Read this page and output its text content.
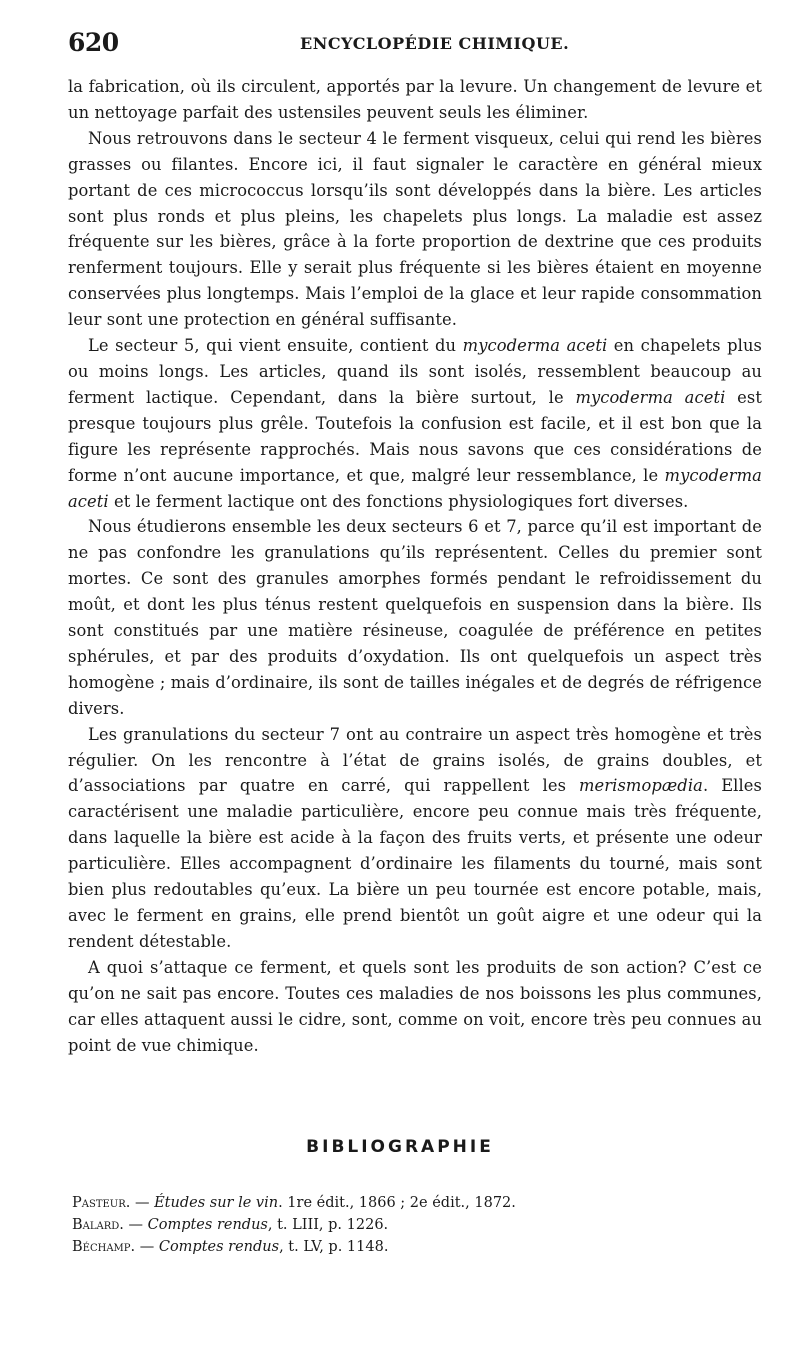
620	ENCYCLOPÉDIE CHIMIQUE.

la fabrication, où ils circulent, apportés par la levure. Un changement de levure et un nettoyage parfait des ustensiles peuvent seuls les éliminer.

Nous retrouvons dans le secteur 4 le ferment visqueux, celui qui rend les bières grasses ou filantes. Encore ici, il faut signaler le caractère en général mieux portant de ces micrococcus lorsqu’ils sont développés dans la bière. Les articles sont plus ronds et plus pleins, les chapelets plus longs. La maladie est assez fréquente sur les bières, grâce à la forte proportion de dextrine que ces produits renferment toujours. Elle y serait plus fréquente si les bières étaient en moyenne conservées plus longtemps. Mais l’emploi de la glace et leur rapide consommation leur sont une protection en général suffisante.

Le secteur 5, qui vient ensuite, contient du mycoderma aceti en chapelets plus ou moins longs. Les articles, quand ils sont isolés, ressemblent beaucoup au ferment lactique. Cependant, dans la bière surtout, le mycoderma aceti est presque toujours plus grêle. Toutefois la confusion est facile, et il est bon que la figure les représente rapprochés. Mais nous savons que ces considérations de forme n’ont aucune importance, et que, malgré leur ressemblance, le mycoderma aceti et le ferment lactique ont des fonctions physiologiques fort diverses.

Nous étudierons ensemble les deux secteurs 6 et 7, parce qu’il est important de ne pas confondre les granulations qu’ils représentent. Celles du premier sont mortes. Ce sont des granules amorphes formés pendant le refroidissement du moût, et dont les plus ténus restent quelquefois en suspension dans la bière. Ils sont constitués par une matière résineuse, coagulée de préférence en petites sphérules, et par des produits d’oxydation. Ils ont quelquefois un aspect très homogène ; mais d’ordinaire, ils sont de tailles inégales et de degrés de réfrigence divers.

Les granulations du secteur 7 ont au contraire un aspect très homogène et très régulier. On les rencontre à l’état de grains isolés, de grains doubles, et d’associations par quatre en carré, qui rappellent les merismopædia. Elles caractérisent une maladie particulière, encore peu connue mais très fréquente, dans laquelle la bière est acide à la façon des fruits verts, et présente une odeur particulière. Elles accompagnent d’ordinaire les filaments du tourné, mais sont bien plus redoutables qu’eux. La bière un peu tournée est encore potable, mais, avec le ferment en grains, elle prend bientôt un goût aigre et une odeur qui la rendent détestable.

A quoi s’attaque ce ferment, et quels sont les produits de son action? C’est ce qu’on ne sait pas encore. Toutes ces maladies de nos boissons les plus communes, car elles attaquent aussi le cidre, sont, comme on voit, encore très peu connues au point de vue chimique.

BIBLIOGRAPHIE
Pasteur. — Études sur le vin. 1re édit., 1866 ; 2e édit., 1872.
Balard. — Comptes rendus, t. LIII, p. 1226.
Béchamp. — Comptes rendus, t. LV, p. 1148.
